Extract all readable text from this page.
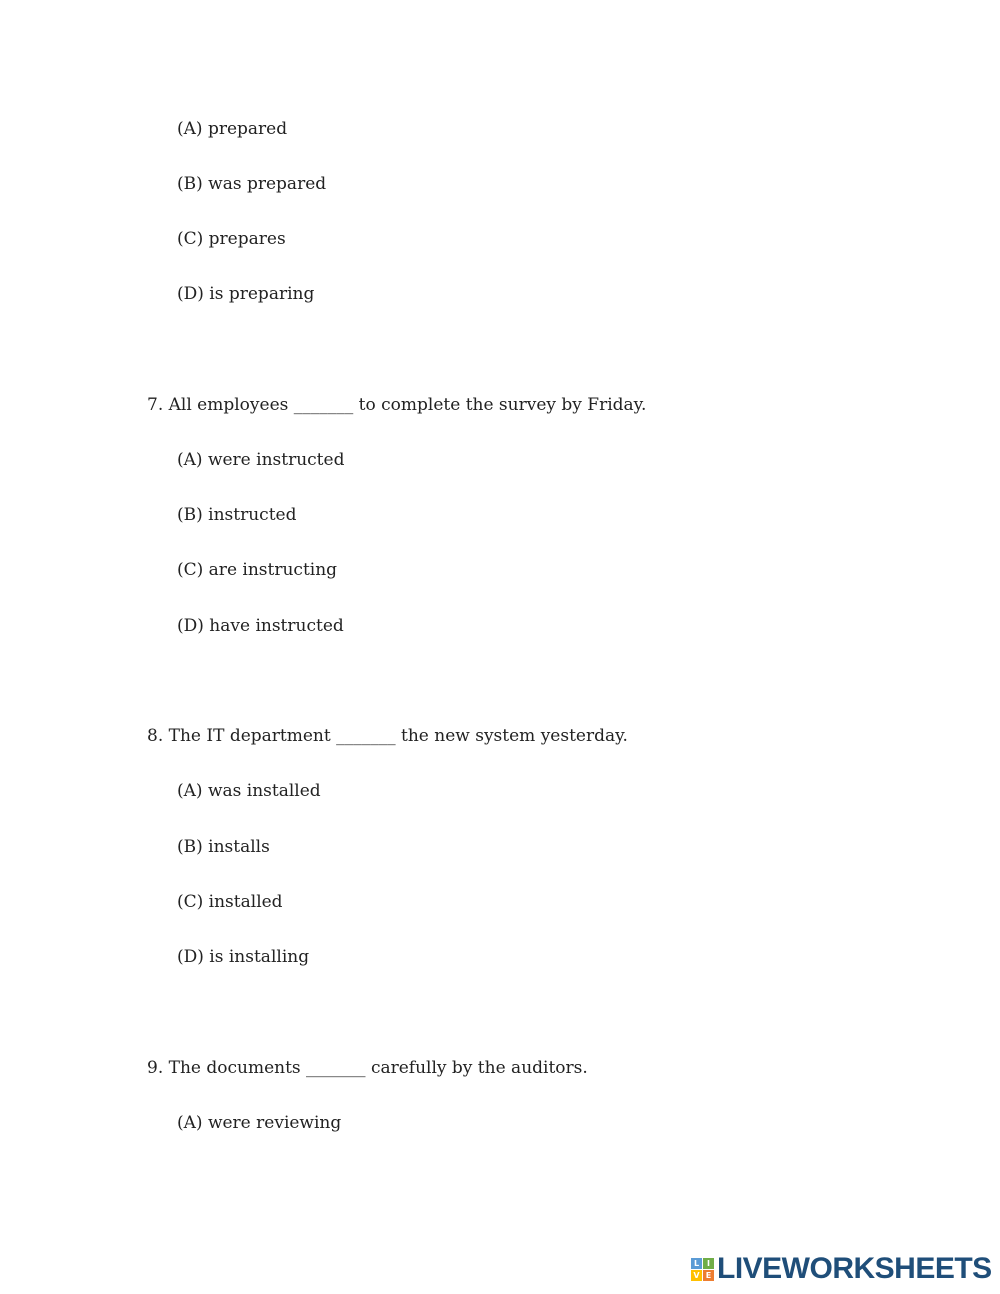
(A) prepared
(B) was prepared
(C) prepares
(D) is preparing
7. All employees _______ to complete the survey by Friday.
(A) were instructed
(B) instructed
(C) are instructing
(D) have instructed
8. The IT department _______ the new system yesterday.
(A) was installed
(B) installs
(C) installed
(D) is installing
9. The documents _______ carefully by the auditors.
(A) were reviewing
L I
V E LIVEWORKSHEETS
